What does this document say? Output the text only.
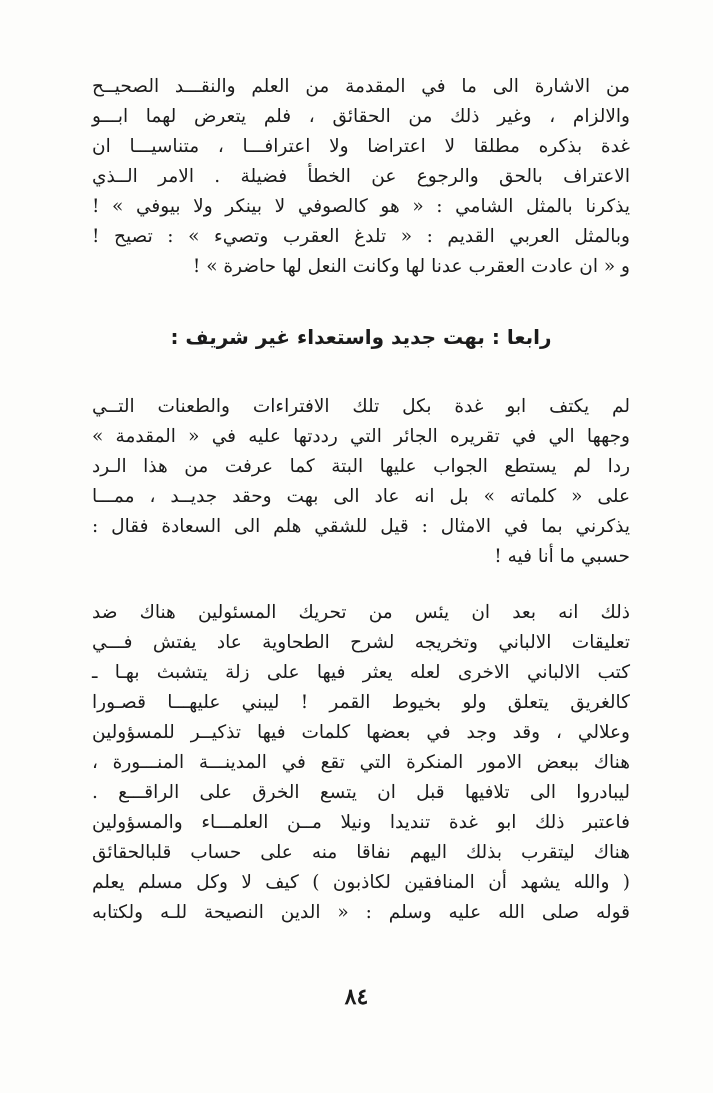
من الاشارة الى ما في المقدمة من العلم والنقـــد الصحيــح
والالزام ، وغير ذلك من الحقائق ، فلم يتعرض لهما ابـــو
غدة بذكره مطلقا لا اعتراضا ولا اعترافـــا ، متناسيـــا ان
الاعتراف بالحق والرجوع عن الخطأ فضيلة . الامر الــذي
يذكرنا بالمثل الشامي : « هو كالصوفي لا بينكر ولا بيوفي » !
وبالمثل العربي القديم : « تلدغ العقرب وتصيء » : تصيح !
و « ان عادت العقرب عدنا لها وكانت النعل لها حاضرة » !
رابعا : بهت جديد واستعداء غير شريف :
لم يكتف ابو غدة بكل تلك الافتراءات والطعنات التــي
وجهها الي في تقريره الجائر التي رددتها عليه في « المقدمة »
ردا لم يستطع الجواب عليها البتة كما عرفت من هذا الـرد
على « كلماته » بل انه عاد الى بهت وحقد جديــد ، ممـــا
يذكرني بما في الامثال : قيل للشقي هلم الى السعادة فقال :
حسبي ما أنا فيه !
ذلك انه بعد ان يئس من تحريك المسئولين هناك ضد
تعليقات الالباني وتخريجه لشرح الطحاوية عاد يفتش فـــي
كتب الالباني الاخرى لعله يعثر فيها على زلة يتشبث بهـا ـ
كالغريق يتعلق ولو بخيوط القمر ! ليبني عليهـــا قصـورا
وعلالي ، وقد وجد في بعضها كلمات فيها تذكيــر للمسؤولين
هناك ببعض الامور المنكرة التي تقع في المدينـــة المنـــورة ،
ليبادروا الى تلافيها قبل ان يتسع الخرق على الراقـــع .
فاعتبر ذلك ابو غدة تنديدا ونيلا مــن العلمـــاء والمسؤولين
هناك ليتقرب بذلك اليهم نفاقا منه على حساب قلبالحقائق
( والله يشهد أن المنافقين لكاذبون ) كيف لا وكل مسلم يعلم
قوله صلى الله عليه وسلم : « الدين النصيحة للـه ولكتابه
٨٤
